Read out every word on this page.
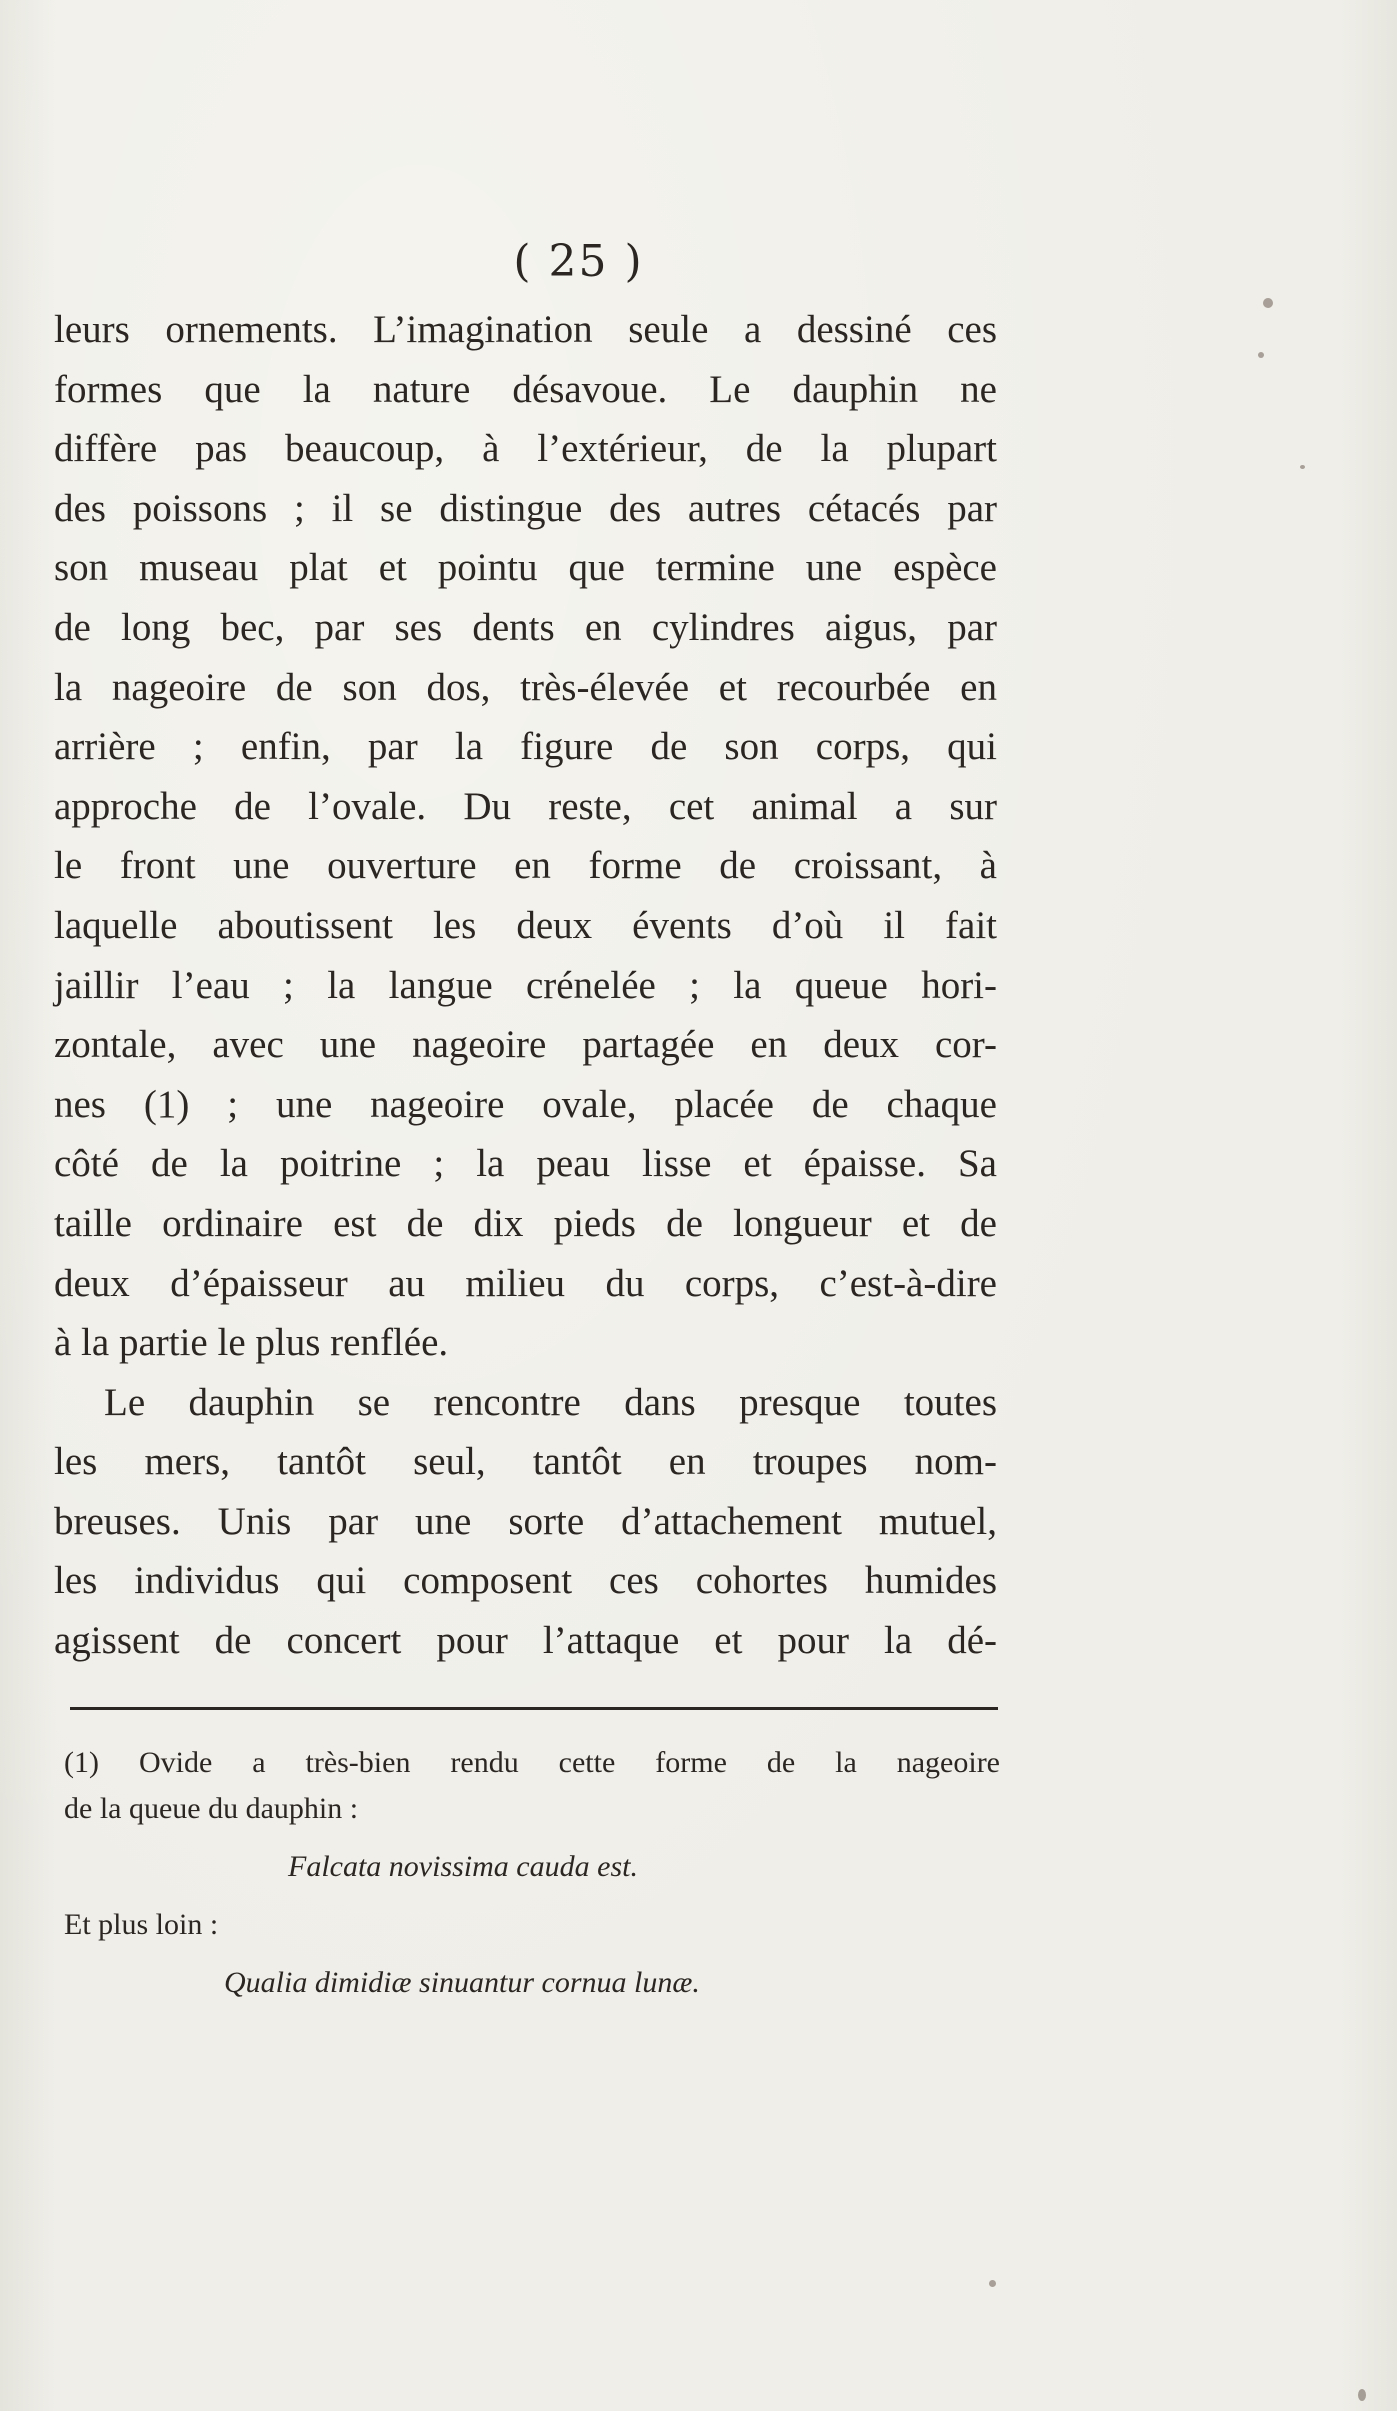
( 25 )
leurs ornements. L’imagination seule a dessiné ces
formes que la nature désavoue. Le dauphin ne
diffère pas beaucoup, à l’extérieur, de la plupart
des poissons ; il se distingue des autres cétacés par
son museau plat et pointu que termine une espèce
de long bec, par ses dents en cylindres aigus, par
la nageoire de son dos, très-élevée et recourbée en
arrière ; enfin, par la figure de son corps, qui
approche de l’ovale. Du reste, cet animal a sur
le front une ouverture en forme de croissant, à
laquelle aboutissent les deux évents d’où il fait
jaillir l’eau ; la langue crénelée ; la queue hori-
zontale, avec une nageoire partagée en deux cor-
nes (1) ; une nageoire ovale, placée de chaque
côté de la poitrine ; la peau lisse et épaisse. Sa
taille ordinaire est de dix pieds de longueur et de
deux d’épaisseur au milieu du corps, c’est-à-dire
à la partie le plus renflée.
Le dauphin se rencontre dans presque toutes
les mers, tantôt seul, tantôt en troupes nom-
breuses. Unis par une sorte d’attachement mutuel,
les individus qui composent ces cohortes humides
agissent de concert pour l’attaque et pour la dé-
(1) Ovide a très-bien rendu cette forme de la nageoire
de la queue du dauphin :
Falcata novissima cauda est.
Et plus loin :
Qualia dimidiæ sinuantur cornua lunæ.
